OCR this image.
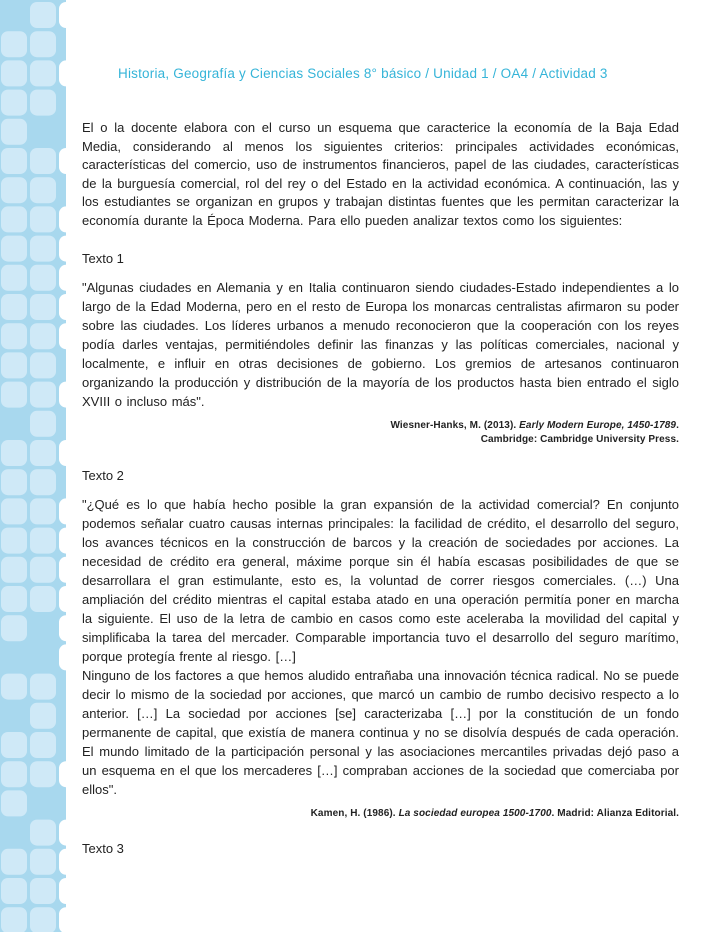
Historia, Geografía y Ciencias Sociales 8° básico / Unidad 1 / OA4 / Actividad 3

El o la docente elabora con el curso un esquema que caracterice la economía de la Baja Edad Media, considerando al menos los siguientes criterios: principales actividades económicas, características del comercio, uso de instrumentos financieros, papel de las ciudades, características de la burguesía comercial, rol del rey o del Estado en la actividad económica. A continuación, las y los estudiantes se organizan en grupos y trabajan distintas fuentes que les permitan caracterizar la economía durante la Época Moderna. Para ello pueden analizar textos como los siguientes:

Texto 1

"Algunas ciudades en Alemania y en Italia continuaron siendo ciudades-Estado independientes a lo largo de la Edad Moderna, pero en el resto de Europa los monarcas centralistas afirmaron su poder sobre las ciudades. Los líderes urbanos a menudo reconocieron que la cooperación con los reyes podía darles ventajas, permitiéndoles definir las finanzas y las políticas comerciales, nacional y localmente, e influir en otras decisiones de gobierno. Los gremios de artesanos continuaron organizando la producción y distribución de la mayoría de los productos hasta bien entrado el siglo XVIII o incluso más".

Wiesner-Hanks, M. (2013). Early Modern Europe, 1450-1789.
Cambridge: Cambridge University Press.
Texto 2

"¿Qué es lo que había hecho posible la gran expansión de la actividad comercial? En conjunto podemos señalar cuatro causas internas principales: la facilidad de crédito, el desarrollo del seguro, los avances técnicos en la construcción de barcos y la creación de sociedades por acciones. La necesidad de crédito era general, máxime porque sin él había escasas posibilidades de que se desarrollara el gran estimulante, esto es, la voluntad de correr riesgos comerciales. (…) Una ampliación del crédito mientras el capital estaba atado en una operación permitía poner en marcha la siguiente. El uso de la letra de cambio en casos como este aceleraba la movilidad del capital y simplificaba la tarea del mercader. Comparable importancia tuvo el desarrollo del seguro marítimo, porque protegía frente al riesgo. […]

Ninguno de los factores a que hemos aludido entrañaba una innovación técnica radical. No se puede decir lo mismo de la sociedad por acciones, que marcó un cambio de rumbo decisivo respecto a lo anterior. […] La sociedad por acciones [se] caracterizaba […] por la constitución de un fondo permanente de capital, que existía de manera continua y no se disolvía después de cada operación. El mundo limitado de la participación personal y las asociaciones mercantiles privadas dejó paso a un esquema en el que los mercaderes […] compraban acciones de la sociedad que comerciaba por ellos".

Kamen, H. (1986). La sociedad europea 1500-1700. Madrid: Alianza Editorial.
Texto 3
